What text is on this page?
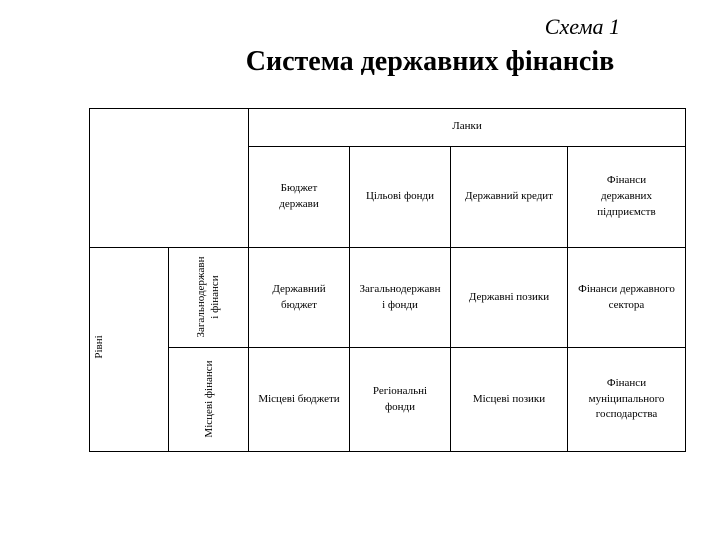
Схема 1
Система державних фінансів
Ланки
Бюджет
держави
Цільові фонди	Державний кредит
Фінанси
державних
підприємств
Рівні
Загальнодержавн
і фінанси
Місцеві фінанси
Державний
бюджет
Загальнодержавн
і фонди
Державні позики
Фінанси державного
сектора
Місцеві бюджети
Регіональні
фонди
Місцеві позики
Фінанси
муніципального
господарства
